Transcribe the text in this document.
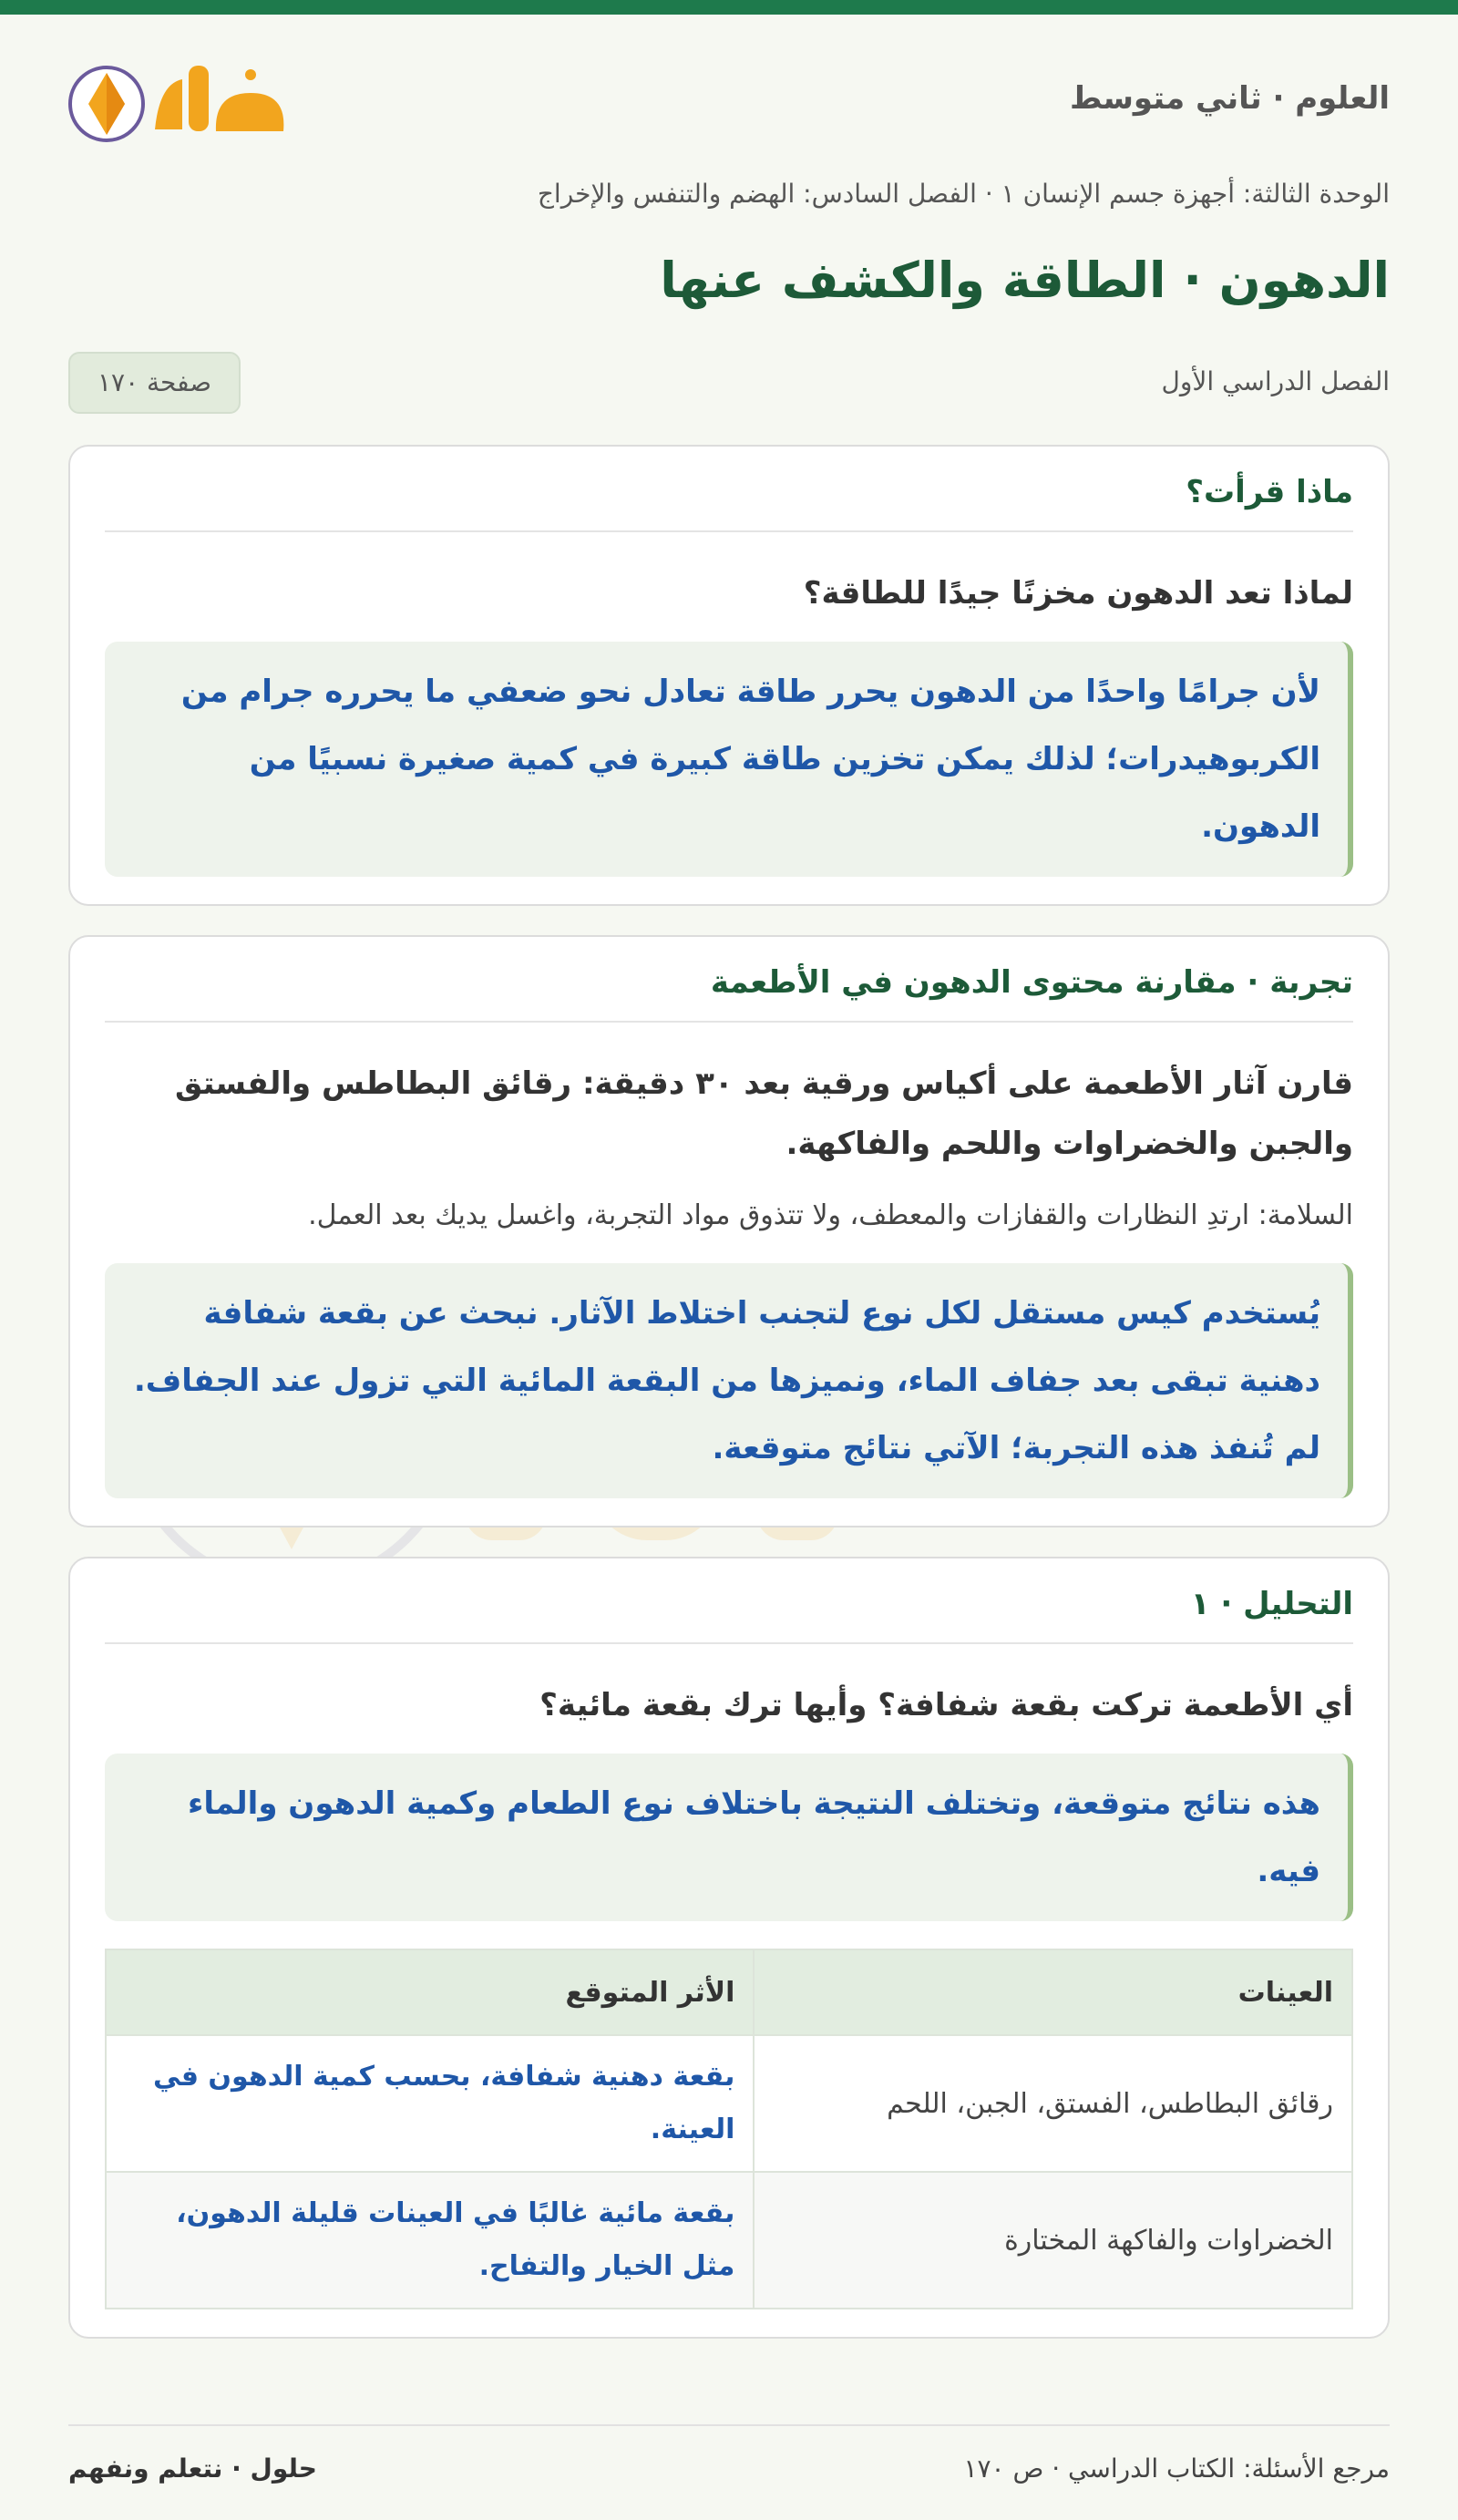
العلوم · ثاني متوسط
الوحدة الثالثة: أجهزة جسم الإنسان ١ · الفصل السادس: الهضم والتنفس والإخراج
الدهون · الطاقة والكشف عنها
الفصل الدراسي الأول
صفحة ١٧٠
ماذا قرأت؟
لماذا تعد الدهون مخزنًا جيدًا للطاقة؟
لأن جرامًا واحدًا من الدهون يحرر طاقة تعادل نحو ضعفي ما يحرره جرام من الكربوهيدرات؛ لذلك يمكن تخزين طاقة كبيرة في كمية صغيرة نسبيًا من الدهون.
تجربة · مقارنة محتوى الدهون في الأطعمة
قارن آثار الأطعمة على أكياس ورقية بعد ٣٠ دقيقة: رقائق البطاطس والفستق والجبن والخضراوات واللحم والفاكهة.
السلامة: ارتدِ النظارات والقفازات والمعطف، ولا تتذوق مواد التجربة، واغسل يديك بعد العمل.
يُستخدم كيس مستقل لكل نوع لتجنب اختلاط الآثار. نبحث عن بقعة شفافة دهنية تبقى بعد جفاف الماء، ونميزها من البقعة المائية التي تزول عند الجفاف. لم تُنفذ هذه التجربة؛ الآتي نتائج متوقعة.
التحليل · ١
أي الأطعمة تركت بقعة شفافة؟ وأيها ترك بقعة مائية؟
هذه نتائج متوقعة، وتختلف النتيجة باختلاف نوع الطعام وكمية الدهون والماء فيه.
العينات	الأثر المتوقع
رقائق البطاطس، الفستق، الجبن، اللحم	بقعة دهنية شفافة، بحسب كمية الدهون في العينة.
الخضراوات والفاكهة المختارة	بقعة مائية غالبًا في العينات قليلة الدهون، مثل الخيار والتفاح.
مرجع الأسئلة: الكتاب الدراسي · ص ١٧٠
حلول · نتعلم ونفهم
